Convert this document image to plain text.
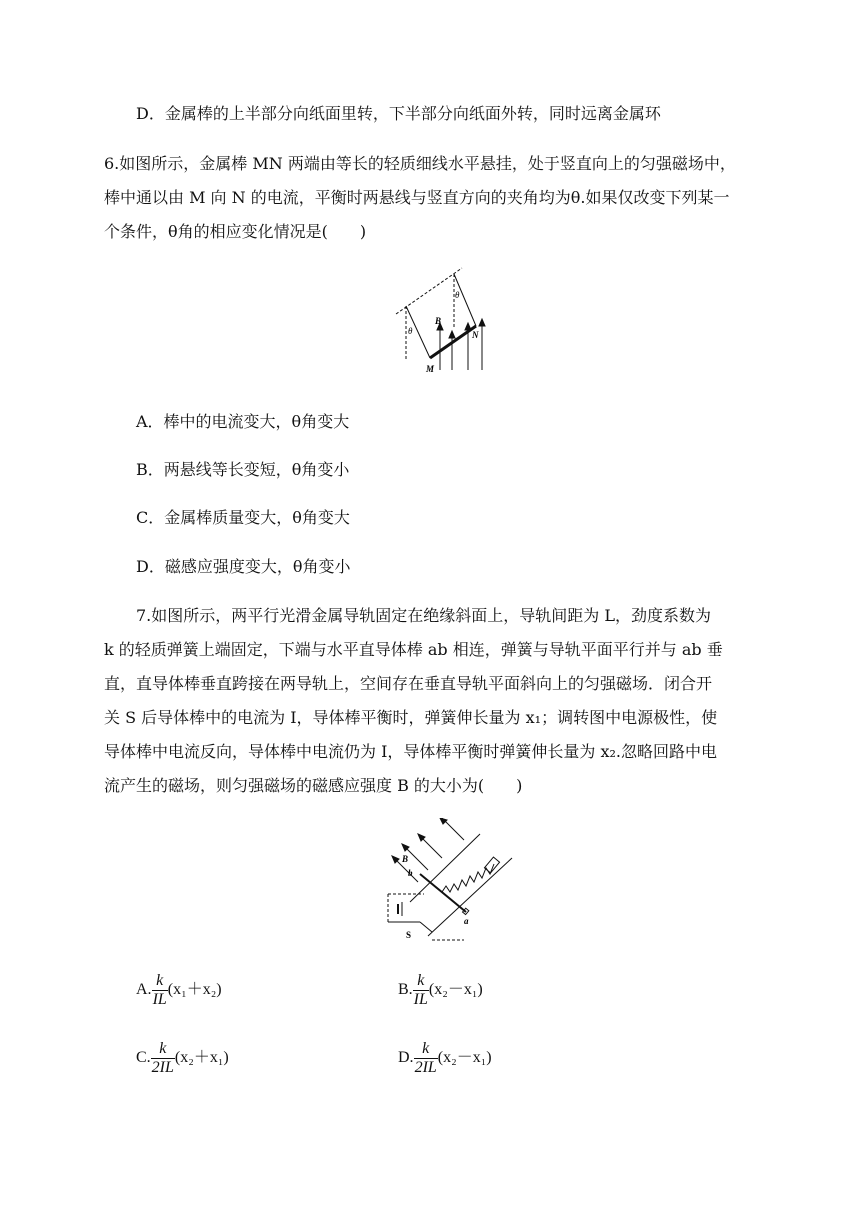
D．金属棒的上半部分向纸面里转，下半部分向纸面外转，同时远离金属环
6.如图所示，金属棒 MN 两端由等长的轻质细线水平悬挂，处于竖直向上的匀强磁场中，
棒中通以由 M 向 N 的电流，平衡时两悬线与竖直方向的夹角均为θ.如果仅改变下列某一
个条件，θ角的相应变化情况是(　　)
θ
θ
B
M
N
A．棒中的电流变大，θ角变大
B．两悬线等长变短，θ角变小
C．金属棒质量变大，θ角变大
D．磁感应强度变大，θ角变小
7.如图所示，两平行光滑金属导轨固定在绝缘斜面上，导轨间距为 L，劲度系数为
k 的轻质弹簧上端固定，下端与水平直导体棒 ab 相连，弹簧与导轨平面平行并与 ab 垂
直，直导体棒垂直跨接在两导轨上，空间存在垂直导轨平面斜向上的匀强磁场．闭合开
关 S 后导体棒中的电流为 I，导体棒平衡时，弹簧伸长量为 x₁；调转图中电源极性，使
导体棒中电流反向，导体棒中电流仍为 I，导体棒平衡时弹簧伸长量为 x₂.忽略回路中电
流产生的磁场，则匀强磁场的磁感应强度 B 的大小为(　　)
B
b
a
S
A. $\frac{k}{IL} (x_1+x_2)$	B. $\frac{k}{IL} (x_2-x_1)$
C. $\frac{k}{2IL} (x_2+x_1)$	D. $\frac{k}{2IL} (x_2-x_1)$
